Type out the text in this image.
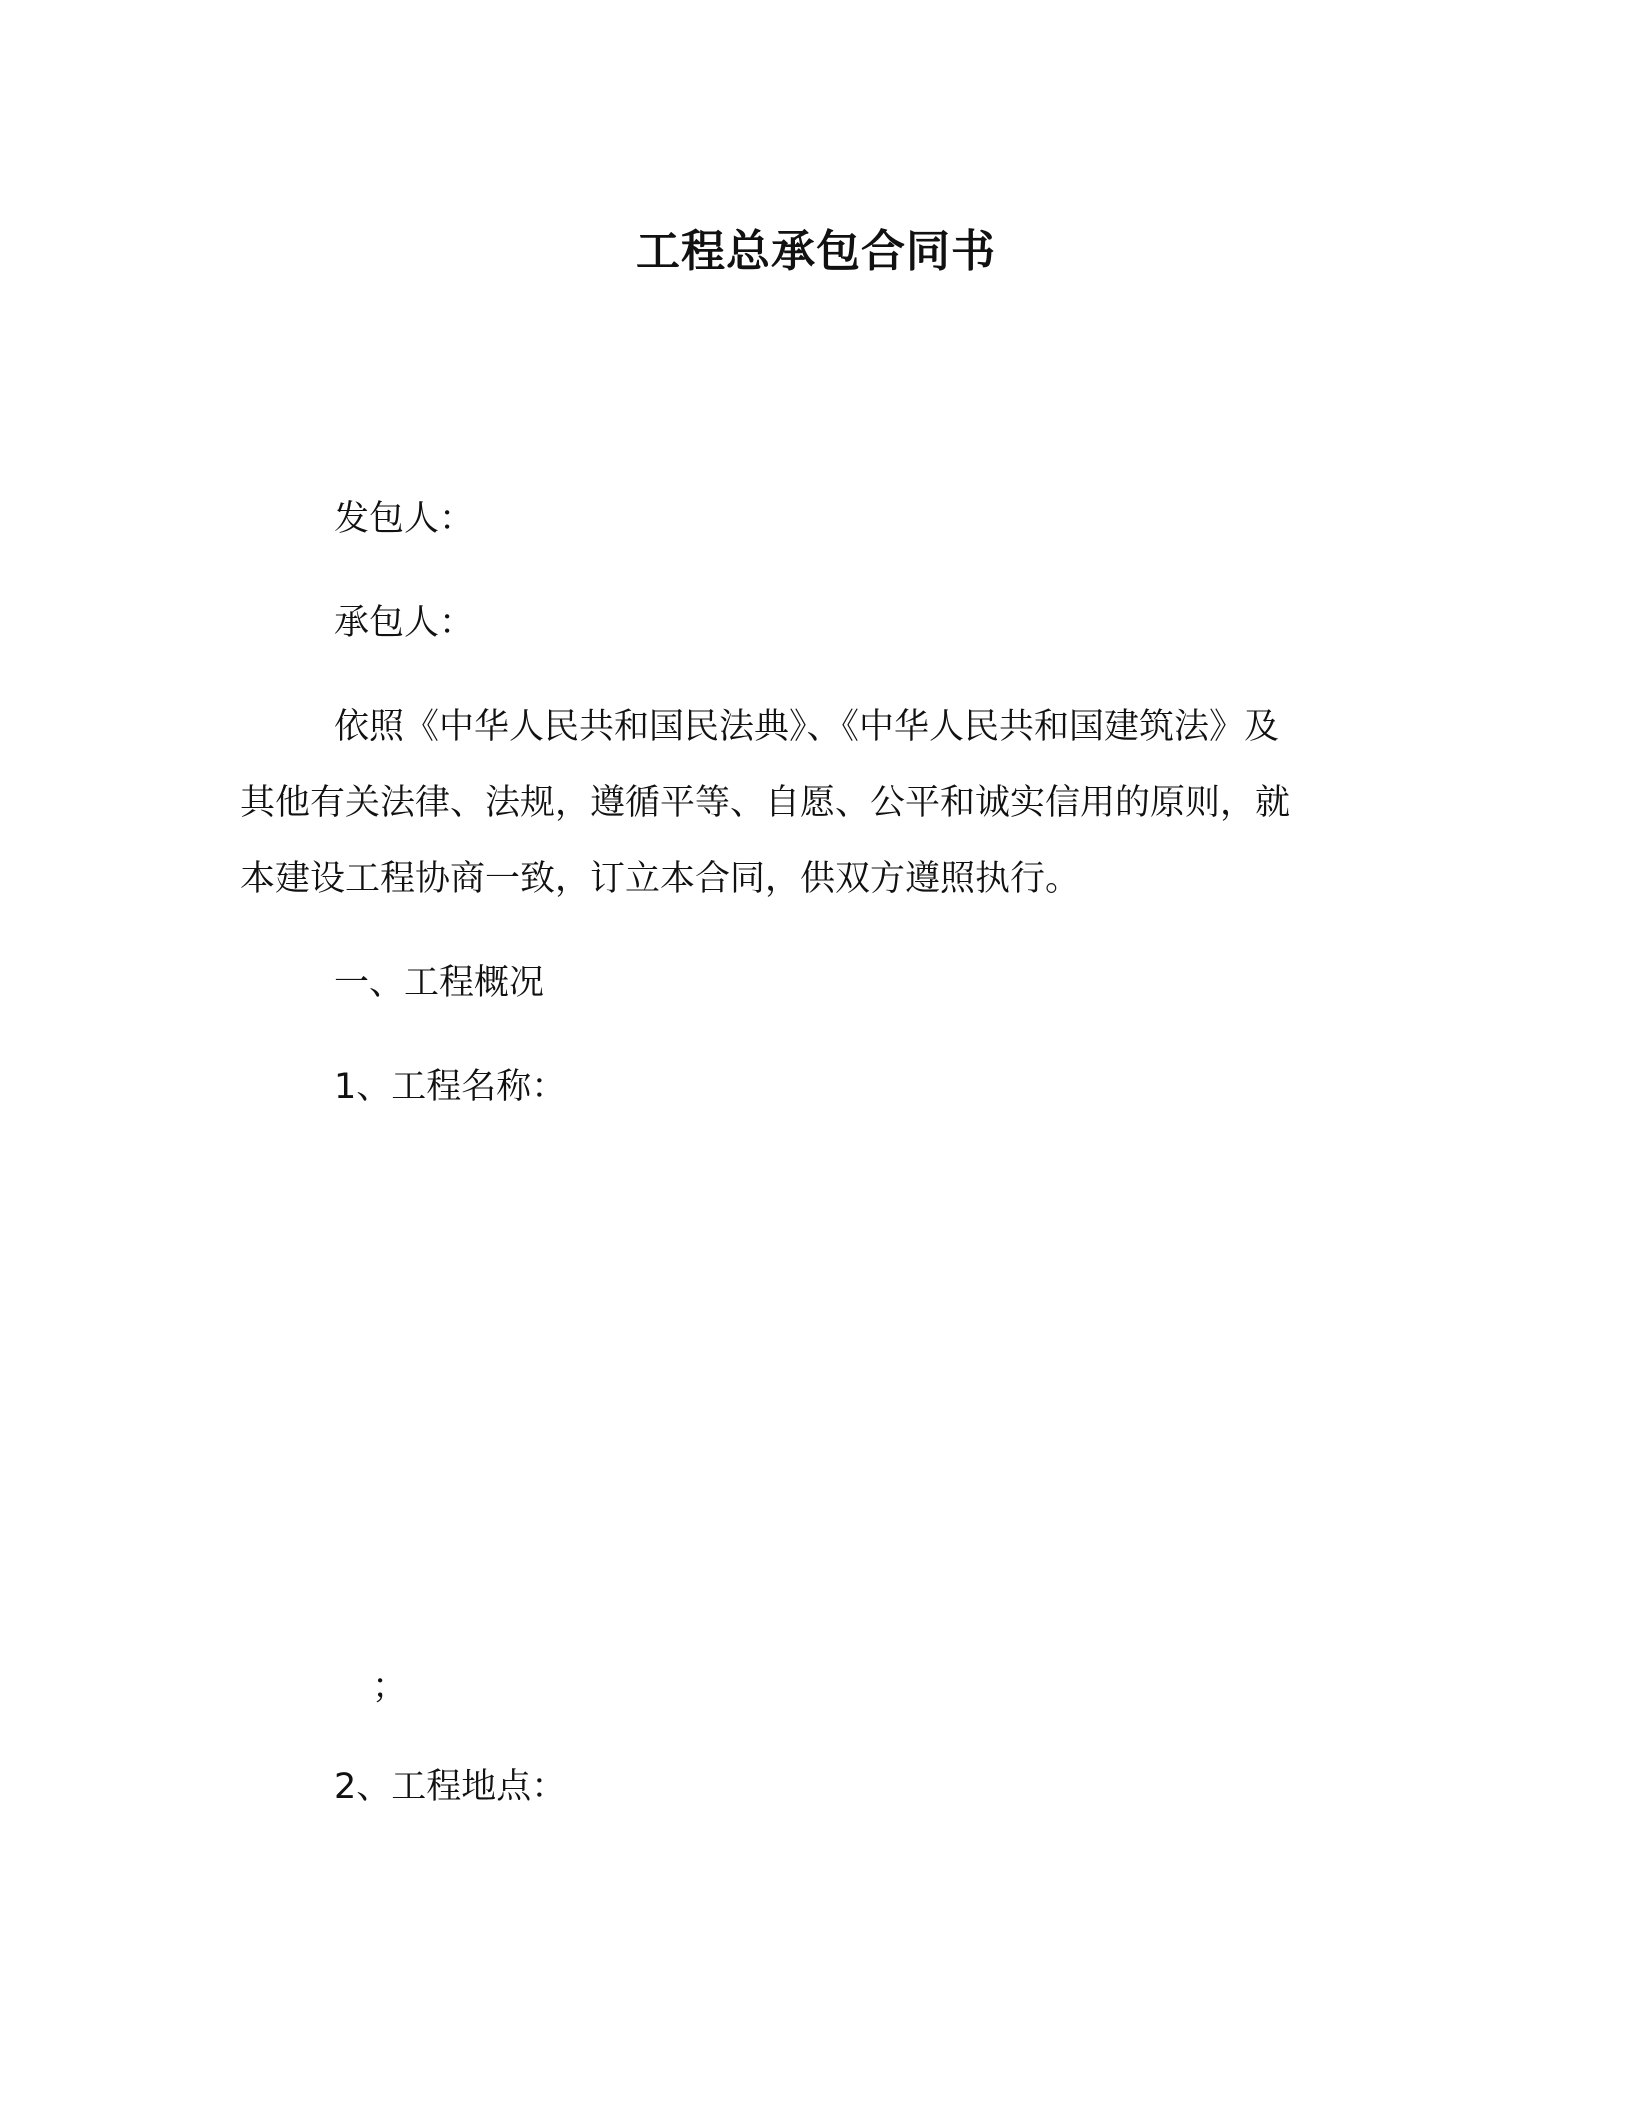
工程总承包合同书
发包人：
承包人：
依照《中华人民共和国民法典》、《中华人民共和国建筑法》及
其他有关法律、法规，遵循平等、自愿、公平和诚实信用的原则，就
本建设工程协商一致，订立本合同，供双方遵照执行。
一、工程概况
1、工程名称：
；
2、工程地点：
